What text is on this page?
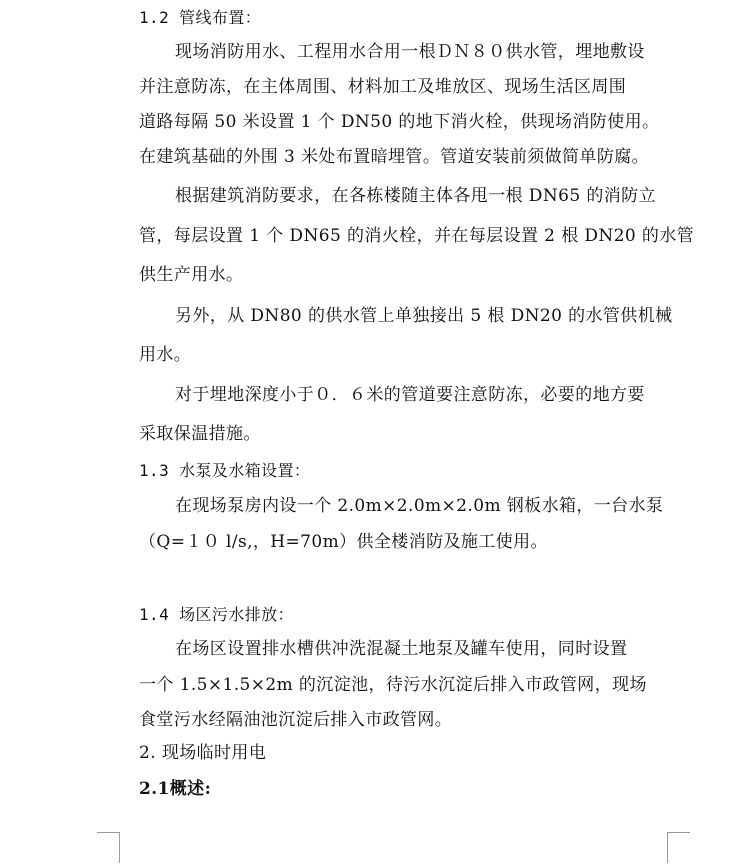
1.2 管线布置：
现场消防用水、工程用水合用一根ＤＮ８０供水管，埋地敷设
并注意防冻，在主体周围、材料加工及堆放区、现场生活区周围
道路每隔 50 米设置 1 个 DN50 的地下消火栓，供现场消防使用。
在建筑基础的外围 3 米处布置暗埋管。管道安装前须做简单防腐。
根据建筑消防要求，在各栋楼随主体各甩一根 DN65 的消防立
管，每层设置 1 个 DN65 的消火栓，并在每层设置 2 根 DN20 的水管
供生产用水。
另外，从 DN80 的供水管上单独接出 5 根 DN20 的水管供机械
用水。
对于埋地深度小于０．６米的管道要注意防冻，必要的地方要
采取保温措施。
1.3 水泵及水箱设置：
在现场泵房内设一个 2.0m×2.0m×2.0m 钢板水箱，一台水泵
（Q=１０ l/s,，H=70m）供全楼消防及施工使用。
1.4 场区污水排放：
在场区设置排水槽供冲洗混凝土地泵及罐车使用，同时设置
一个 1.5×1.5×2m 的沉淀池，待污水沉淀后排入市政管网，现场
食堂污水经隔油池沉淀后排入市政管网。
2. 现场临时用电
2.1概述:
